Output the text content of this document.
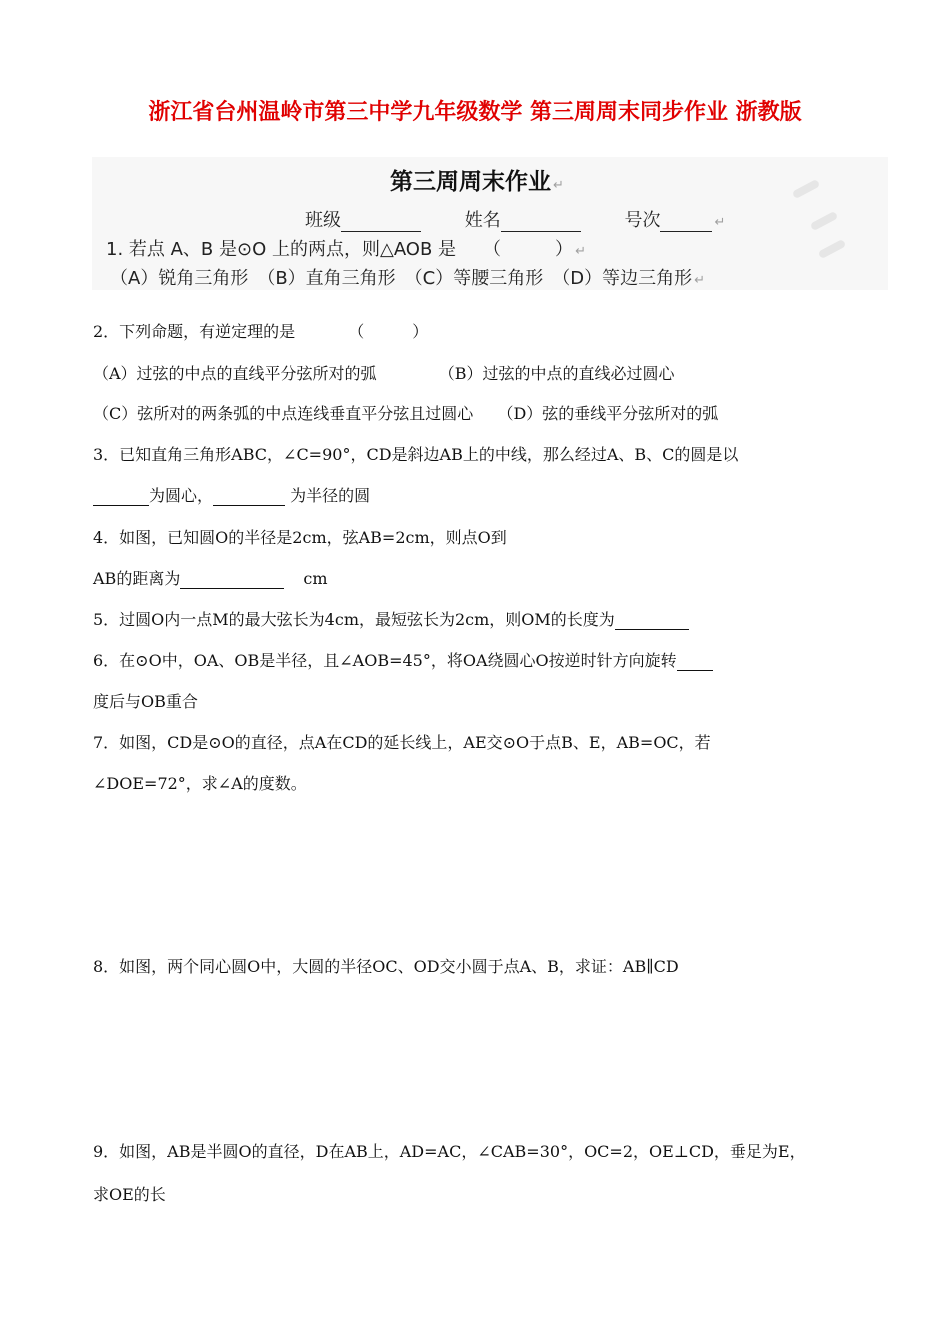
浙江省台州温岭市第三中学九年级数学 第三周周末同步作业 浙教版
第三周周末作业 ↵
班级	姓名	号次	↵
1. 若点 A、B 是⊙O 上的两点，则△AOB 是　　（　　　） ↵
（A）锐角三角形　（B）直角三角形　（C）等腰三角形　（D）等边三角形 ↵
2．下列命题，有逆定理的是　　　 （　　　）
（A）过弦的中点的直线平分弦所对的弧	（B）过弦的中点的直线必过圆心
（C）弦所对的两条弧的中点连线垂直平分弦且过圆心 （D）弦的垂线平分弦所对的弧
3．已知直角三角形ABC，∠C=90°，CD是斜边AB上的中线，那么经过A、B、C的圆是以
为圆心，	为半径的圆
4．如图，已知圆O的半径是2cm，弦AB=2cm，则点O到
AB的距离为	cm
5．过圆O内一点M的最大弦长为4cm，最短弦长为2cm，则OM的长度为
6．在⊙O中，OA、OB是半径，且∠AOB=45°，将OA绕圆心O按逆时针方向旋转
度后与OB重合
7．如图，CD是⊙O的直径，点A在CD的延长线上，AE交⊙O于点B、E，AB=OC，若
∠DOE=72°，求∠A的度数。
8．如图，两个同心圆O中，大圆的半径OC、OD交小圆于点A、B，求证：AB∥CD
9．如图，AB是半圆O的直径，D在AB上，AD=AC，∠CAB=30°，OC=2，OE⊥CD，垂足为E，
求OE的长
